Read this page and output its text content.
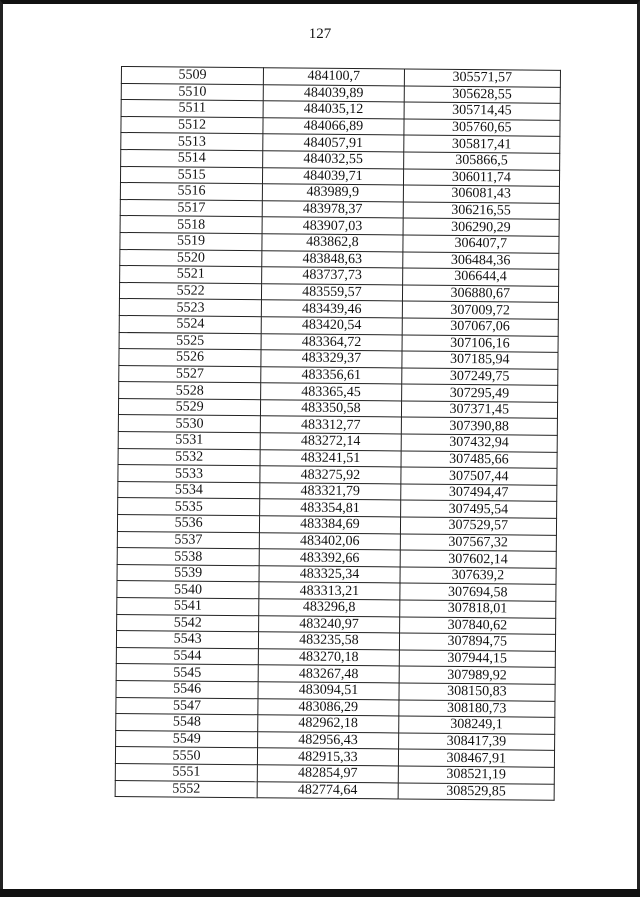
127
5509	484100,7	305571,57
5510	484039,89	305628,55
5511	484035,12	305714,45
5512	484066,89	305760,65
5513	484057,91	305817,41
5514	484032,55	305866,5
5515	484039,71	306011,74
5516	483989,9	306081,43
5517	483978,37	306216,55
5518	483907,03	306290,29
5519	483862,8	306407,7
5520	483848,63	306484,36
5521	483737,73	306644,4
5522	483559,57	306880,67
5523	483439,46	307009,72
5524	483420,54	307067,06
5525	483364,72	307106,16
5526	483329,37	307185,94
5527	483356,61	307249,75
5528	483365,45	307295,49
5529	483350,58	307371,45
5530	483312,77	307390,88
5531	483272,14	307432,94
5532	483241,51	307485,66
5533	483275,92	307507,44
5534	483321,79	307494,47
5535	483354,81	307495,54
5536	483384,69	307529,57
5537	483402,06	307567,32
5538	483392,66	307602,14
5539	483325,34	307639,2
5540	483313,21	307694,58
5541	483296,8	307818,01
5542	483240,97	307840,62
5543	483235,58	307894,75
5544	483270,18	307944,15
5545	483267,48	307989,92
5546	483094,51	308150,83
5547	483086,29	308180,73
5548	482962,18	308249,1
5549	482956,43	308417,39
5550	482915,33	308467,91
5551	482854,97	308521,19
5552	482774,64	308529,85
